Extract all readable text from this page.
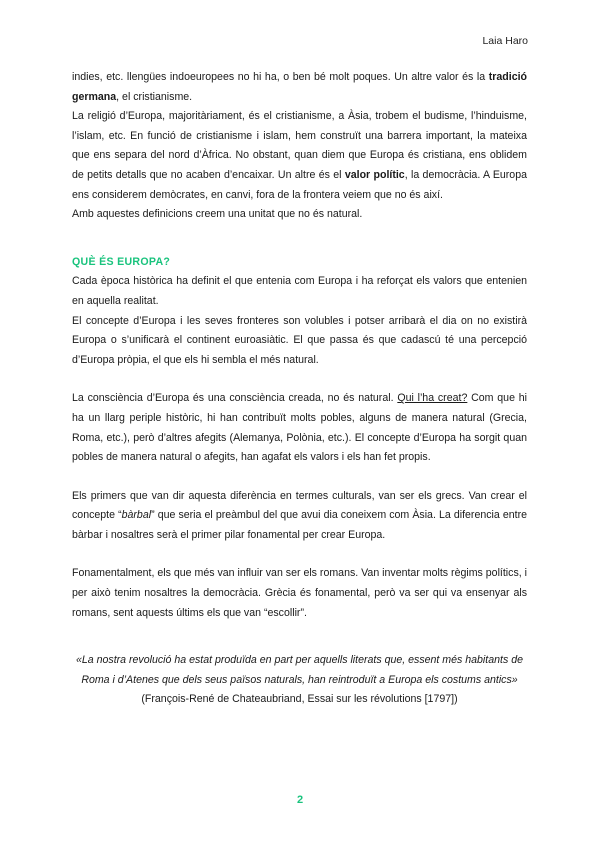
Laia Haro

indies, etc. llengües indoeuropees no hi ha, o ben bé molt poques. Un altre valor és la tradició germana, el cristianisme.

La religió d’Europa, majoritàriament, és el cristianisme, a Àsia, trobem el budisme, l’hinduisme, l’islam, etc. En funció de cristianisme i islam, hem construït una barrera important, la mateixa que ens separa del nord d’Àfrica. No obstant, quan diem que Europa és cristiana, ens oblidem de petits detalls que no acaben d’encaixar. Un altre és el valor polític, la democràcia. A Europa ens considerem demòcrates, en canvi, fora de la frontera veiem que no és així.

Amb aquestes definicions creem una unitat que no és natural.

QUÈ ÉS EUROPA?

Cada època històrica ha definit el que entenia com Europa i ha reforçat els valors que entenien en aquella realitat.

El concepte d’Europa i les seves fronteres son volubles i potser arribarà el dia on no existirà Europa o s’unificarà el continent euroasiàtic. El que passa és que cadascú té una percepció d’Europa pròpia, el que els hi sembla el més natural.

La consciència d’Europa és una consciència creada, no és natural. Qui l’ha creat? Com que hi ha un llarg periple històric, hi han contribuït molts pobles, alguns de manera natural (Grecia, Roma, etc.), però d’altres afegits (Alemanya, Polònia, etc.). El concepte d’Europa ha sorgit quan pobles de manera natural o afegits, han agafat els valors i els han fet propis.

Els primers que van dir aquesta diferència en termes culturals, van ser els grecs. Van crear el concepte “bàrbal” que seria el preàmbul del que avui dia coneixem com Àsia. La diferencia entre bàrbar i nosaltres serà el primer pilar fonamental per crear Europa.

Fonamentalment, els que més van influir van ser els romans. Van inventar molts règims polítics, i per això tenim nosaltres la democràcia. Grècia és fonamental, però va ser qui va ensenyar als romans, sent aquests últims els que van “escollir”.

«La nostra revolució ha estat produïda en part per aquells literats que, essent més habitants de Roma i d’Atenes que dels seus països naturals, han reintroduït a Europa els costums antics» (François-René de Chateaubriand, Essai sur les révolutions [1797])

2
